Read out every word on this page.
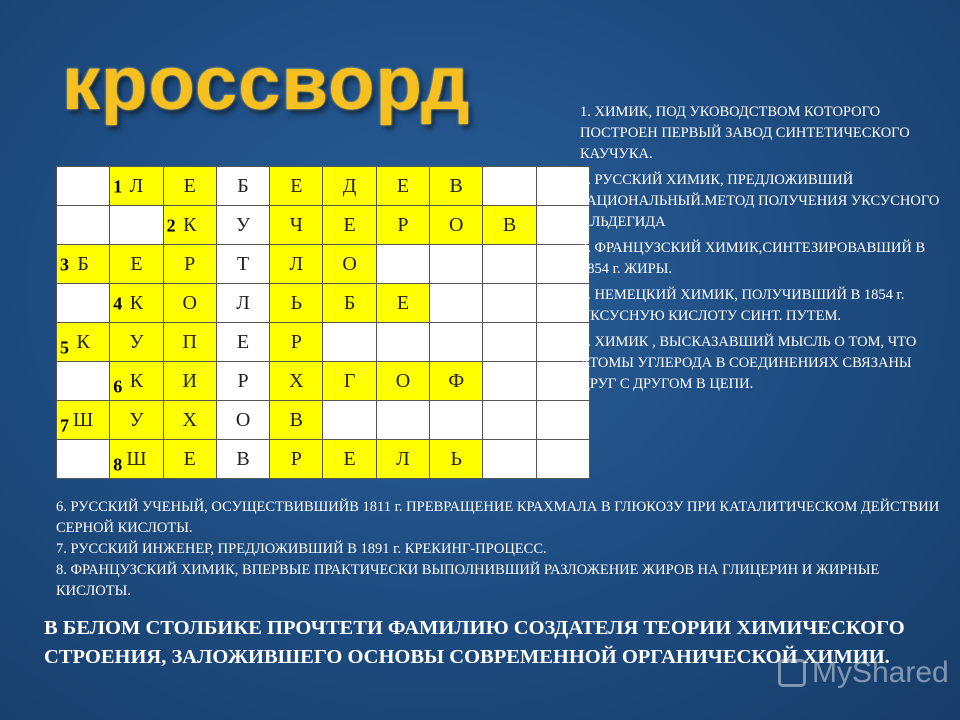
кроссворд

	1 Л	Е	Б	Е	Д	Е	В		

		2 К	У	Ч	Е	Р	О	В	

3 Б	Е	Р	Т	Л	О				

	4 К	О	Л	Ь	Б	Е			

5 К	У	П	Е	Р					

	6 К	И	Р	Х	Г	О	Ф		

7 Ш	У	Х	О	В					

	8 Ш	Е	В	Р	Е	Л	Ь		

1. ХИМИК, ПОД УКОВОДСТВОМ КОТОРОГО ПОСТРОЕН ПЕРВЫЙ ЗАВОД СИНТЕТИЧЕСКОГО КАУЧУКА.

2. РУССКИЙ ХИМИК, ПРЕДЛОЖИВШИЙ РАЦИОНАЛЬНЫЙ.МЕТОД ПОЛУЧЕНИЯ УКСУСНОГО АЛЬДЕГИДА

3. ФРАНЦУЗСКИЙ ХИМИК,СИНТЕЗИРОВАВШИЙ В 1854 г. ЖИРЫ.

4. НЕМЕЦКИЙ ХИМИК, ПОЛУЧИВШИЙ В 1854 г. УКСУСНУЮ КИСЛОТУ СИНТ. ПУТЕМ.

5. ХИМИК , ВЫСКАЗАВШИЙ МЫСЛЬ О ТОМ, ЧТО АТОМЫ УГЛЕРОДА В СОЕДИНЕНИЯХ СВЯЗАНЫ ДРУГ С ДРУГОМ В ЦЕПИ.

6. РУССКИЙ УЧЕНЫЙ, ОСУЩЕСТВИВШИЙВ 1811 г. ПРЕВРАЩЕНИЕ КРАХМАЛА В ГЛЮКОЗУ ПРИ КАТАЛИТИЧЕСКОМ ДЕЙСТВИИ СЕРНОЙ КИСЛОТЫ.

7. РУССКИЙ ИНЖЕНЕР, ПРЕДЛОЖИВШИЙ В 1891 г. КРЕКИНГ-ПРОЦЕСС.

8. ФРАНЦУЗСКИЙ ХИМИК, ВПЕРВЫЕ ПРАКТИЧЕСКИ ВЫПОЛНИВШИЙ РАЗЛОЖЕНИЕ ЖИРОВ НА ГЛИЦЕРИН И ЖИРНЫЕ КИСЛОТЫ.

В БЕЛОМ СТОЛБИКЕ ПРОЧТЕТИ ФАМИЛИЮ СОЗДАТЕЛЯ ТЕОРИИ ХИМИЧЕСКОГО СТРОЕНИЯ, ЗАЛОЖИВШЕГО ОСНОВЫ СОВРЕМЕННОЙ ОРГАНИЧЕСКОЙ ХИМИИ.
MyShared
